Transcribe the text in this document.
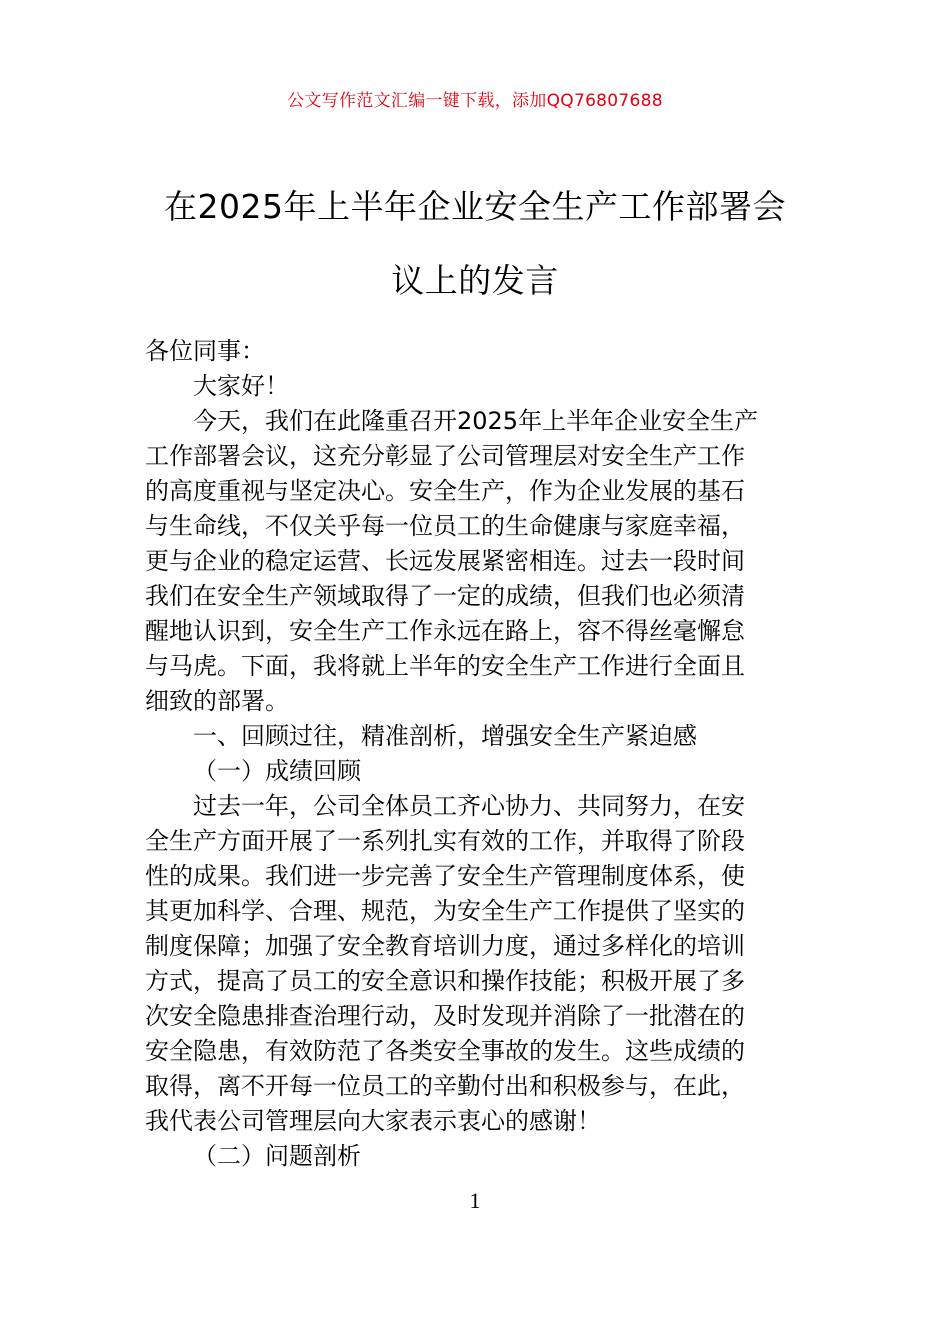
公文写作范文汇编一键下载，添加QQ76807688
在2025年上半年企业安全生产工作部署会
议上的发言
各位同事：
大家好！
今天，我们在此隆重召开2025年上半年企业安全生产
工作部署会议，这充分彰显了公司管理层对安全生产工作
的高度重视与坚定决心。安全生产，作为企业发展的基石
与生命线，不仅关乎每一位员工的生命健康与家庭幸福，
更与企业的稳定运营、长远发展紧密相连。过去一段时间
我们在安全生产领域取得了一定的成绩，但我们也必须清
醒地认识到，安全生产工作永远在路上，容不得丝毫懈怠
与马虎。下面，我将就上半年的安全生产工作进行全面且
细致的部署。
一、回顾过往，精准剖析，增强安全生产紧迫感
（一）成绩回顾
过去一年，公司全体员工齐心协力、共同努力，在安
全生产方面开展了一系列扎实有效的工作，并取得了阶段
性的成果。我们进一步完善了安全生产管理制度体系，使
其更加科学、合理、规范，为安全生产工作提供了坚实的
制度保障；加强了安全教育培训力度，通过多样化的培训
方式，提高了员工的安全意识和操作技能；积极开展了多
次安全隐患排查治理行动，及时发现并消除了一批潜在的
安全隐患，有效防范了各类安全事故的发生。这些成绩的
取得，离不开每一位员工的辛勤付出和积极参与，在此，
我代表公司管理层向大家表示衷心的感谢！
（二）问题剖析
1
